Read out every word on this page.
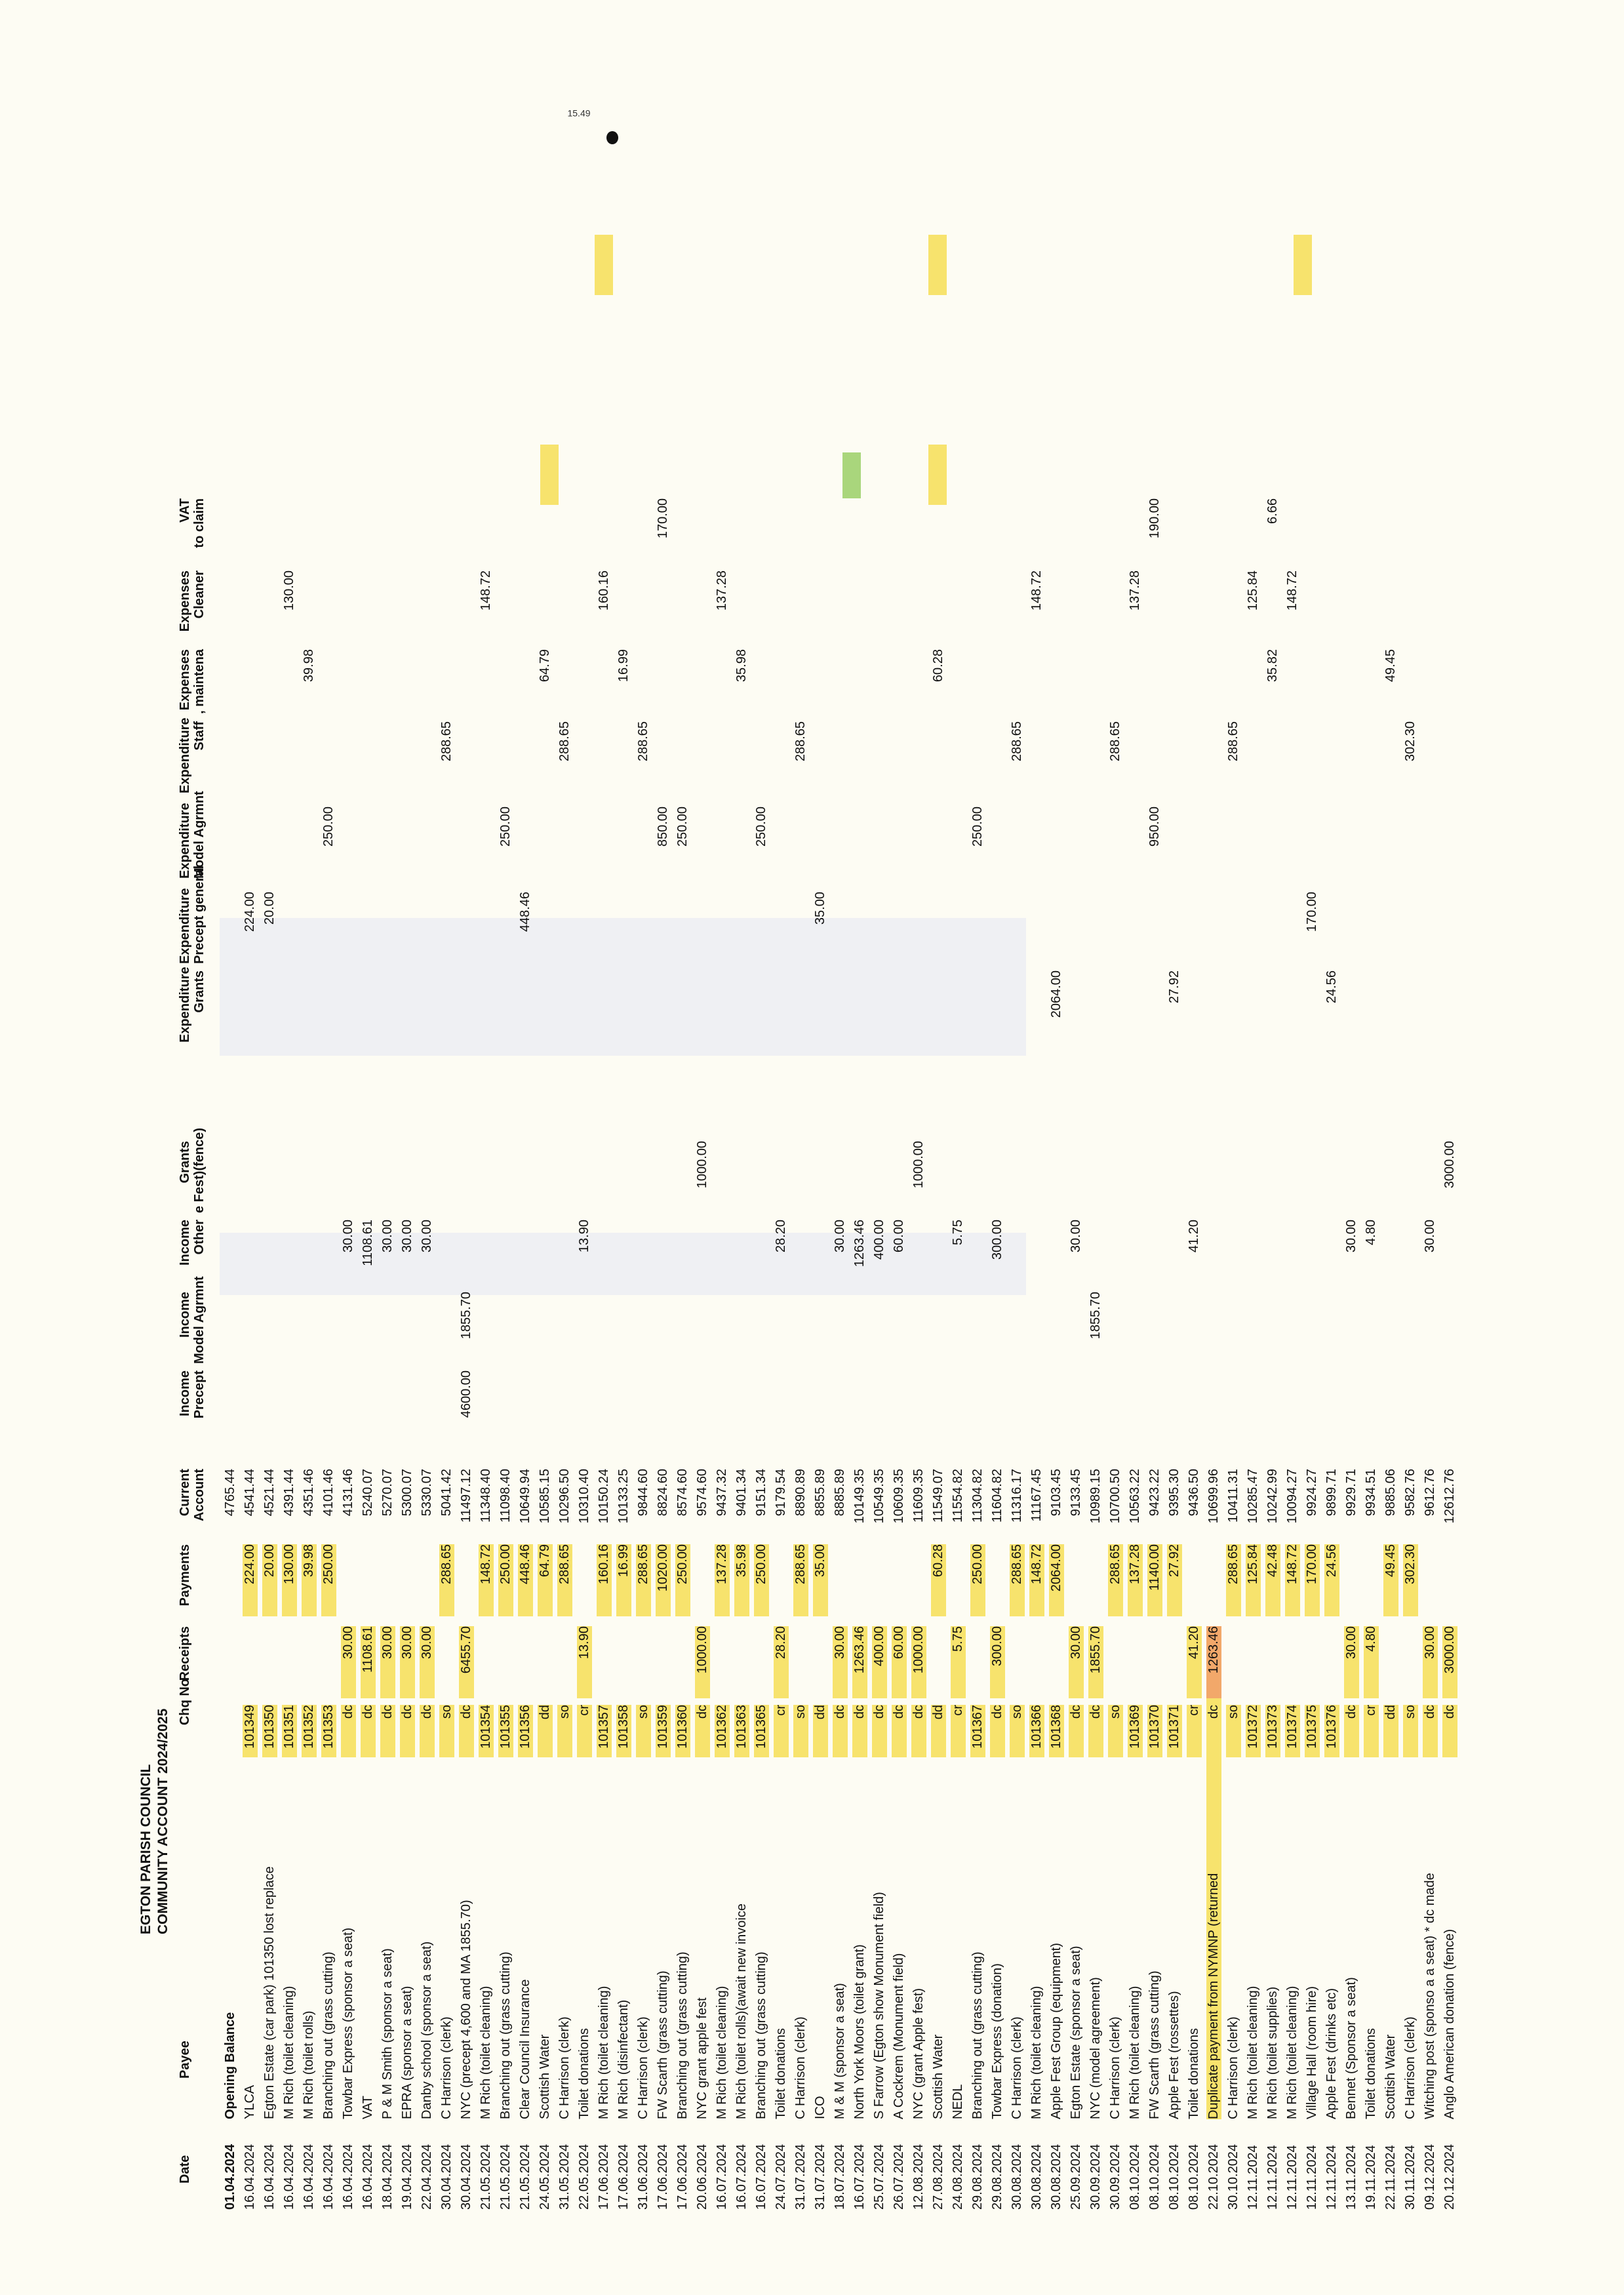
EGTON PARISH COUNCIL COMMUNITY ACCOUNT 2024/2025
Date
Payee
Chq No
Receipts
Payments
Current Account
Income Precept
Income Model Agrmnt
Income Other
Grants e Fest)(fence)
Expenditure Grants
Expenditure Precept general
Expenditure Model Agrmnt
Expenditure Staff
Expenses , maintena
Expenses Cleaner
VAT to claim
01.04.2024
Opening Balance
4765.44
16.04.2024
YLCA
101349
224.00
4541.44
224.00
16.04.2024
Egton Estate (car park) 101350 lost replace
101350
20.00
4521.44
20.00
16.04.2024
M Rich (toilet cleaning)
101351
130.00
4391.44
130.00
16.04.2024
M Rich (toilet rolls)
101352
39.98
4351.46
39.98
16.04.2024
Branching out (grass cutting)
101353
250.00
4101.46
250.00
16.04.2024
Towbar Express (sponsor a seat)
dc
30.00
4131.46
30.00
16.04.2024
VAT
dc
1108.61
5240.07
1108.61
18.04.2024
P & M Smith (sponsor a seat)
dc
30.00
5270.07
30.00
19.04.2024
EPRA (sponsor a seat)
dc
30.00
5300.07
30.00
22.04.2024
Danby school (sponsor a seat)
dc
30.00
5330.07
30.00
30.04.2024
C Harrison (clerk)
so
288.65
5041.42
288.65
30.04.2024
NYC (precept 4,600 and MA 1855.70)
dc
6455.70
11497.12
4600.00
1855.70
21.05.2024
M Rich (toilet cleaning)
101354
148.72
11348.40
148.72
21.05.2024
Branching out (grass cutting)
101355
250.00
11098.40
250.00
21.05.2024
Clear Council Insurance
101356
448.46
10649.94
448.46
24.05.2024
Scottish Water
dd
64.79
10585.15
64.79
31.05.2024
C Harrison (clerk)
so
288.65
10296.50
288.65
22.05.2024
Toilet donations
cr
13.90
10310.40
13.90
17.06.2024
M Rich (toilet cleaning)
101357
160.16
10150.24
160.16
17.06.2024
M Rich (disinfectant)
101358
16.99
10133.25
16.99
31.06.2024
C Harrison (clerk)
so
288.65
9844.60
288.65
17.06.2024
FW Scarth (grass cutting)
101359
1020.00
8824.60
850.00
170.00
17.06.2024
Branching out (grass cutting)
101360
250.00
8574.60
250.00
20.06.2024
NYC grant apple fest
dc
1000.00
9574.60
1000.00
16.07.2024
M Rich (toilet cleaning)
101362
137.28
9437.32
137.28
16.07.2024
M Rich (toilet rolls)(await new invoice
101363
35.98
9401.34
35.98
16.07.2024
Branching out (grass cutting)
101365
250.00
9151.34
250.00
24.07.2024
Toilet donations
cr
28.20
9179.54
28.20
31.07.2024
C Harrison (clerk)
so
288.65
8890.89
288.65
31.07.2024
ICO
dd
35.00
8855.89
35.00
18.07.2024
M & M (sponsor a seat)
dc
30.00
8885.89
30.00
16.07.2024
North York Moors (toilet grant)
dc
1263.46
10149.35
1263.46
25.07.2024
S Farrow (Egton show Monument field)
dc
400.00
10549.35
400.00
26.07.2024
A Cockrem (Monument field)
dc
60.00
10609.35
60.00
12.08.2024
NYC (grant Apple fest)
dc
1000.00
11609.35
1000.00
27.08.2024
Scottish Water
dd
60.28
11549.07
60.28
24.08.2024
NEDL
cr
5.75
11554.82
5.75
29.08.2024
Branching out (grass cutting)
101367
250.00
11304.82
250.00
29.08.2024
Towbar Express (donation)
dc
300.00
11604.82
300.00
30.08.2024
C Harrison (clerk)
so
288.65
11316.17
288.65
30.08.2024
M Rich (toilet cleaning)
101366
148.72
11167.45
148.72
30.08.2024
Apple Fest Group (equipment)
101368
2064.00
9103.45
2064.00
25.09.2024
Egton Estate (sponsor a seat)
dc
30.00
9133.45
30.00
30.09.2024
NYC (model agreement)
dc
1855.70
10989.15
1855.70
30.09.2024
C Harrison (clerk)
so
288.65
10700.50
288.65
08.10.2024
M Rich (toilet cleaning)
101369
137.28
10563.22
137.28
08.10.2024
FW Scarth (grass cutting)
101370
1140.00
9423.22
950.00
190.00
08.10.2024
Apple Fest (rossettes)
101371
27.92
9395.30
27.92
08.10.2024
Toilet donations
cr
41.20
9436.50
41.20
22.10.2024
Duplicate payment from NYMNP (returned
dc
1263.46
10699.96
30.10.2024
C Harrison (clerk)
so
288.65
10411.31
288.65
12.11.2024
M Rich (toilet cleaning)
101372
125.84
10285.47
125.84
12.11.2024
M Rich (toilet supplies)
101373
42.48
10242.99
35.82
6.66
12.11.2024
M Rich (toilet cleaning)
101374
148.72
10094.27
148.72
12.11.2024
Village Hall (room hire)
101375
170.00
9924.27
170.00
12.11.2024
Apple Fest (drinks etc)
101376
24.56
9899.71
24.56
13.11.2024
Bennet (Sponsor a seat)
dc
30.00
9929.71
30.00
19.11.2024
Toilet donations
cr
4.80
9934.51
4.80
22.11.2024
Scottish Water
dd
49.45
9885.06
49.45
30.11.2024
C Harrison (clerk)
so
302.30
9582.76
302.30
09.12.2024
Witching post (sponso a a seat) * dc made
dc
30.00
9612.76
30.00
20.12.2024
Anglo American donation (fence)
dc
3000.00
12612.76
3000.00
15.49
